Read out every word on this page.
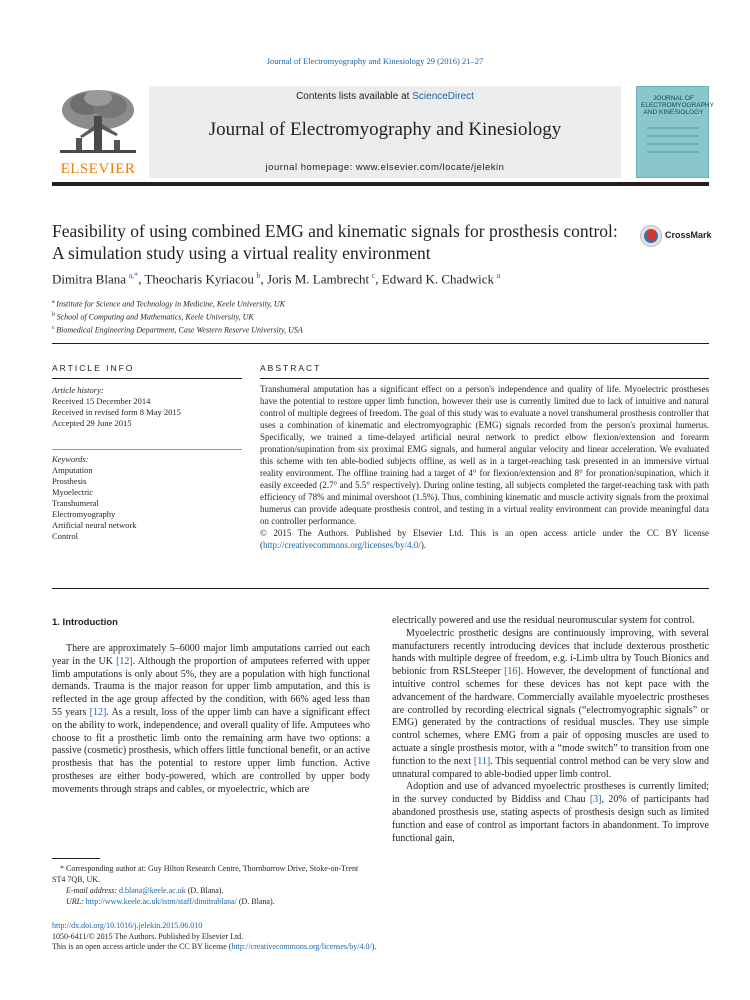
Journal of Electromyography and Kinesiology 29 (2016) 21–27
ELSEVIER
Contents lists available at ScienceDirect
Journal of Electromyography and Kinesiology
journal homepage: www.elsevier.com/locate/jelekin
JOURNAL OF ELECTROMYOGRAPHY AND KINESIOLOGY
Feasibility of using combined EMG and kinematic signals for prosthesis control: A simulation study using a virtual reality environment
CrossMark
Dimitra Blana  $^{a,*}$, Theocharis Kyriacou  $^b$, Joris M. Lambrecht  $^c$, Edward K. Chadwick  $^a$
$^a$  Institute for Science and Technology in Medicine, Keele University, UK
$^b$  School of Computing and Mathematics, Keele University, UK
$^c$  Biomedical Engineering Department, Case Western Reserve University, USA
ARTICLE INFO
Article history:
Received 15 December 2014
Received in revised form 8 May 2015
Accepted 29 June 2015
Keywords:
Amputation
Prosthesis
Myoelectric
Transhumeral
Electromyography
Artificial neural network
Control
ABSTRACT
Transhumeral amputation has a significant effect on a person's independence and quality of life. Myoelectric prostheses have the potential to restore upper limb function, however their use is currently limited due to lack of intuitive and natural control of multiple degrees of freedom. The goal of this study was to evaluate a novel transhumeral prosthesis controller that uses a combination of kinematic and electromyographic (EMG) signals recorded from the person's proximal humerus. Specifically, we trained a time-delayed artificial neural network to predict elbow flexion/extension and forearm pronation/supination from six proximal EMG signals, and humeral angular velocity and linear acceleration. We evaluated this scheme with ten able-bodied subjects offline, as well as in a target-reaching task presented in an immersive virtual reality environment. The offline training had a target of 4° for flexion/extension and 8° for pronation/supination, which it easily exceeded (2.7° and 5.5° respectively). During online testing, all subjects completed the target-reaching task with path efficiency of 78% and minimal overshoot (1.5%). Thus, combining kinematic and muscle activity signals from the proximal humerus can provide adequate prosthesis control, and testing in a virtual reality environment can provide meaningful data on controller performance.
© 2015 The Authors. Published by Elsevier Ltd. This is an open access article under the CC BY license (http://creativecommons.org/licenses/by/4.0/).
1. Introduction

There are approximately 5–6000 major limb amputations carried out each year in the UK [12]. Although the proportion of amputees referred with upper limb amputations is only about 5%, they are a population with high functional demands. Trauma is the major reason for upper limb amputation, and this is reflected in the age group affected by the condition, with 66% aged less than 55 years [12]. As a result, loss of the upper limb can have a significant effect on the ability to work, independence, and overall quality of life. Amputees who choose to fit a prosthetic limb onto the remaining arm have two options: a passive (cosmetic) prosthesis, which offers little functional benefit, or an active prosthesis that has the potential to restore upper limb function. Active prostheses are either body-powered, which are controlled by upper body movements through straps and cables, or myoelectric, which are

electrically powered and use the residual neuromuscular system for control.

Myoelectric prosthetic designs are continuously improving, with several manufacturers recently introducing devices that include dexterous prosthetic hands with multiple degree of freedom, e.g. i-Limb ultra by Touch Bionics and bebionic from RSLSteeper [16]. However, the development of functional and intuitive control schemes for these devices has not kept pace with the advancement of the hardware. Commercially available myoelectric prostheses are controlled by recording electrical signals (“electromyographic signals” or EMG) generated by the contractions of residual muscles. They use simple control schemes, where EMG from a pair of opposing muscles are used to actuate a single prosthesis motor, with a “mode switch” to transition from one function to the next [11]. This sequential control method can be very slow and unnatural compared to able-bodied upper limb control.

Adoption and use of advanced myoelectric prostheses is currently limited; in the survey conducted by Biddiss and Chau [3], 20% of participants had abandoned prosthesis use, stating aspects of prosthesis design such as limited function and ease of control as important factors in abandonment. To improve functional gain,

* Corresponding author at: Guy Hilton Research Centre, Thornburrow Drive, Stoke-on-Trent ST4 7QB, UK.
E-mail address: d.blana@keele.ac.uk (D. Blana).
URL: http://www.keele.ac.uk/istm/staff/dimitrablana/ (D. Blana).
http://dx.doi.org/10.1016/j.jelekin.2015.06.010
1050-6411/© 2015 The Authors. Published by Elsevier Ltd.
This is an open access article under the CC BY license (http://creativecommons.org/licenses/by/4.0/).
